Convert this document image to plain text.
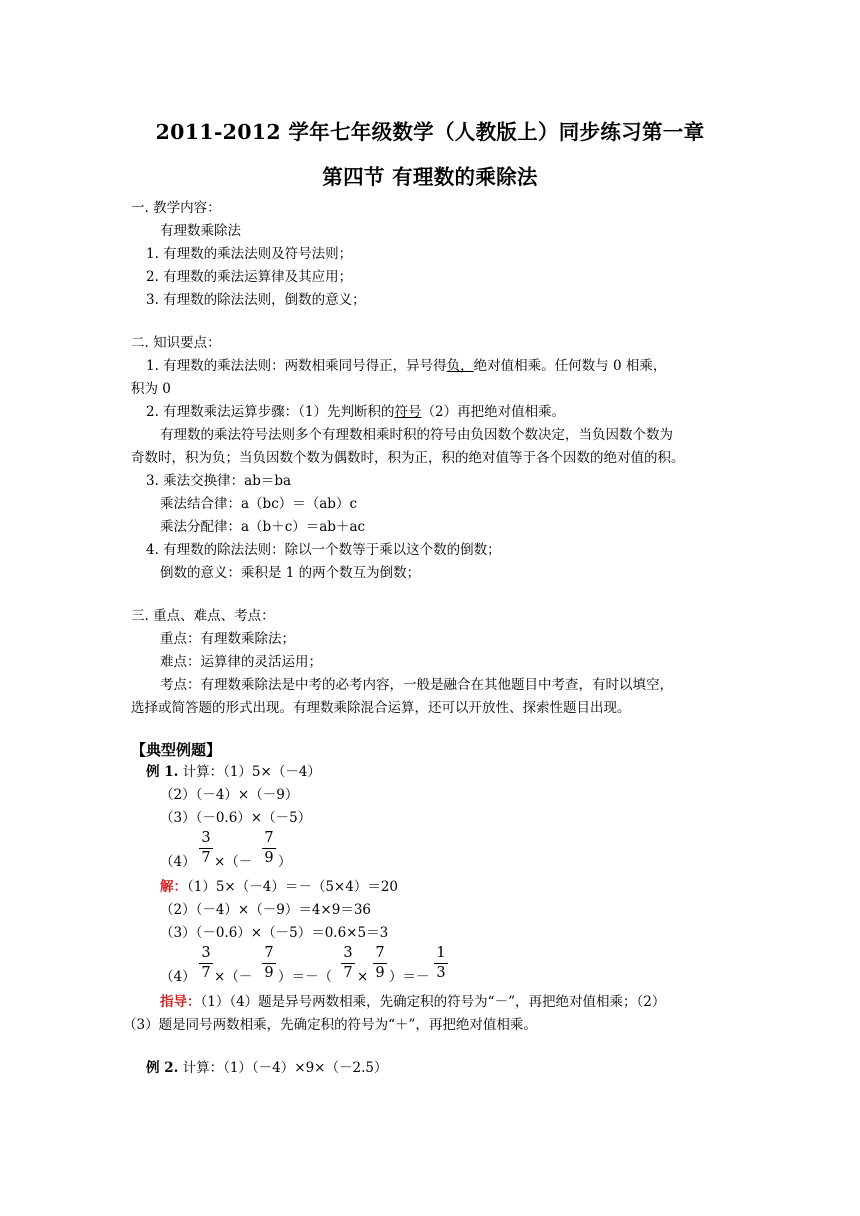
2011-2012 学年七年级数学（人教版上）同步练习第一章
第四节 有理数的乘除法
一. 教学内容：
有理数乘除法
1. 有理数的乘法法则及符号法则；
2. 有理数的乘法运算律及其应用；
3. 有理数的除法法则，倒数的意义；
二. 知识要点：
1. 有理数的乘法法则：两数相乘同号得正，异号得负，绝对值相乘。任何数与 0 相乘，
积为 0
2. 有理数乘法运算步骤：（1）先判断积的符号（2）再把绝对值相乘。
有理数的乘法符号法则多个有理数相乘时积的符号由负因数个数决定，当负因数个数为
奇数时，积为负；当负因数个数为偶数时，积为正，积的绝对值等于各个因数的绝对值的积。
3. 乘法交换律：ab＝ba
乘法结合律：a（bc）＝（ab）c
乘法分配律：a（b＋c）＝ab＋ac
4. 有理数的除法法则：除以一个数等于乘以这个数的倒数；
倒数的意义：乘积是 1 的两个数互为倒数；
三. 重点、难点、考点：
重点：有理数乘除法；
难点：运算律的灵活运用；
考点：有理数乘除法是中考的必考内容，一般是融合在其他题目中考查，有时以填空，
选择或简答题的形式出现。有理数乘除混合运算，还可以开放性、探索性题目出现。
【典型例题】
例 1. 计算：（1）5×（－4）
（2）（－4）×（－9）
（3）（－0.6）×（－5）
3
7
7
9
（4） ×（－ ）
解：（1）5×（－4）＝－（5×4）＝20
（2）（－4）×（－9）＝4×9＝36
（3）（－0.6）×（－5）＝0.6×5＝3
3
7
7
9
3
7
7
9
1
3
（4） ×（－ ）＝－（ × ）＝－
指导：（1）（4）题是异号两数相乘，先确定积的符号为“－”，再把绝对值相乘；（2）
（3）题是同号两数相乘，先确定积的符号为“＋”，再把绝对值相乘。
例 2. 计算：（1）（－4）×9×（－2.5）
